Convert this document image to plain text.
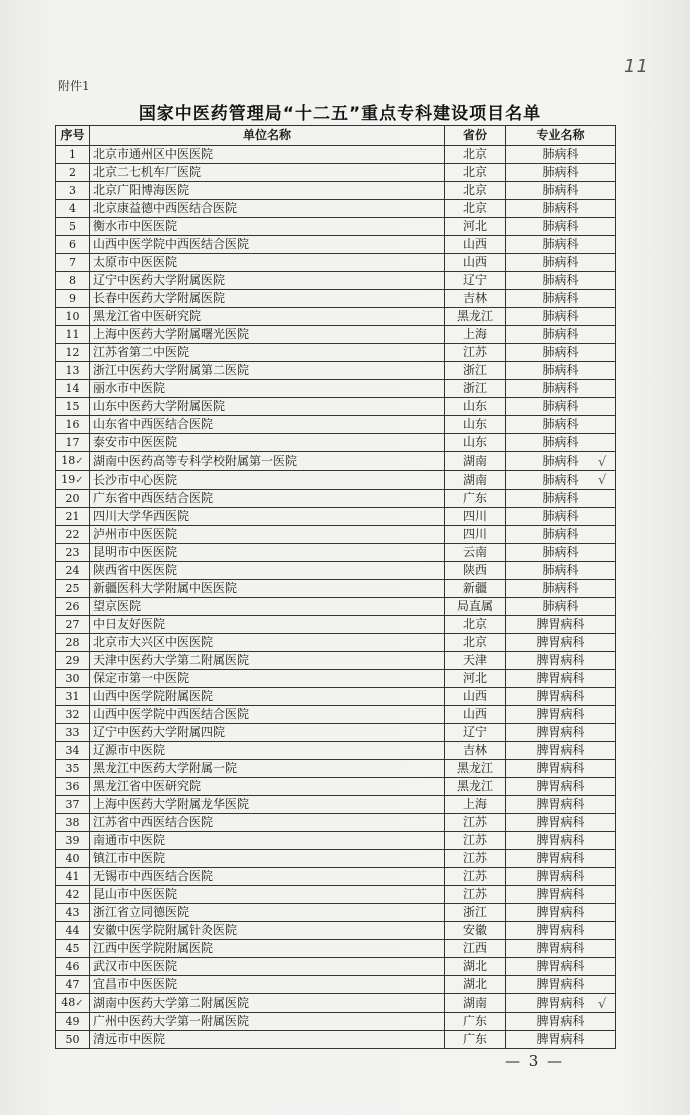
11
附件1
国家中医药管理局“十二五”重点专科建设项目名单
序号	单位名称	省份	专业名称
1	北京市通州区中医医院	北京	肺病科
2	北京二七机车厂医院	北京	肺病科
3	北京广阳博海医院	北京	肺病科
4	北京康益德中西医结合医院	北京	肺病科
5	衡水市中医医院	河北	肺病科
6	山西中医学院中西医结合医院	山西	肺病科
7	太原市中医医院	山西	肺病科
8	辽宁中医药大学附属医院	辽宁	肺病科
9	长春中医药大学附属医院	吉林	肺病科
10	黑龙江省中医研究院	黑龙江	肺病科
11	上海中医药大学附属曙光医院	上海	肺病科
12	江苏省第二中医院	江苏	肺病科
13	浙江中医药大学附属第二医院	浙江	肺病科
14	丽水市中医院	浙江	肺病科
15	山东中医药大学附属医院	山东	肺病科
16	山东省中西医结合医院	山东	肺病科
17	泰安市中医医院	山东	肺病科
18✓	湖南中医药高等专科学校附属第一医院	湖南	肺病科
19✓	长沙市中心医院	湖南	肺病科
20	广东省中西医结合医院	广东	肺病科
21	四川大学华西医院	四川	肺病科
22	泸州市中医医院	四川	肺病科
23	昆明市中医医院	云南	肺病科
24	陕西省中医医院	陕西	肺病科
25	新疆医科大学附属中医医院	新疆	肺病科
26	望京医院	局直属	肺病科
27	中日友好医院	北京	脾胃病科
28	北京市大兴区中医医院	北京	脾胃病科
29	天津中医药大学第二附属医院	天津	脾胃病科
30	保定市第一中医院	河北	脾胃病科
31	山西中医学院附属医院	山西	脾胃病科
32	山西中医学院中西医结合医院	山西	脾胃病科
33	辽宁中医药大学附属四院	辽宁	脾胃病科
34	辽源市中医院	吉林	脾胃病科
35	黑龙江中医药大学附属一院	黑龙江	脾胃病科
36	黑龙江省中医研究院	黑龙江	脾胃病科
37	上海中医药大学附属龙华医院	上海	脾胃病科
38	江苏省中西医结合医院	江苏	脾胃病科
39	南通市中医院	江苏	脾胃病科
40	镇江市中医院	江苏	脾胃病科
41	无锡市中西医结合医院	江苏	脾胃病科
42	昆山市中医医院	江苏	脾胃病科
43	浙江省立同德医院	浙江	脾胃病科
44	安徽中医学院附属针灸医院	安徽	脾胃病科
45	江西中医学院附属医院	江西	脾胃病科
46	武汉市中医医院	湖北	脾胃病科
47	宜昌市中医医院	湖北	脾胃病科
48✓	湖南中医药大学第二附属医院	湖南	脾胃病科
49	广州中医药大学第一附属医院	广东	脾胃病科
50	清远市中医院	广东	脾胃病科
√
√
√
— 3 —
